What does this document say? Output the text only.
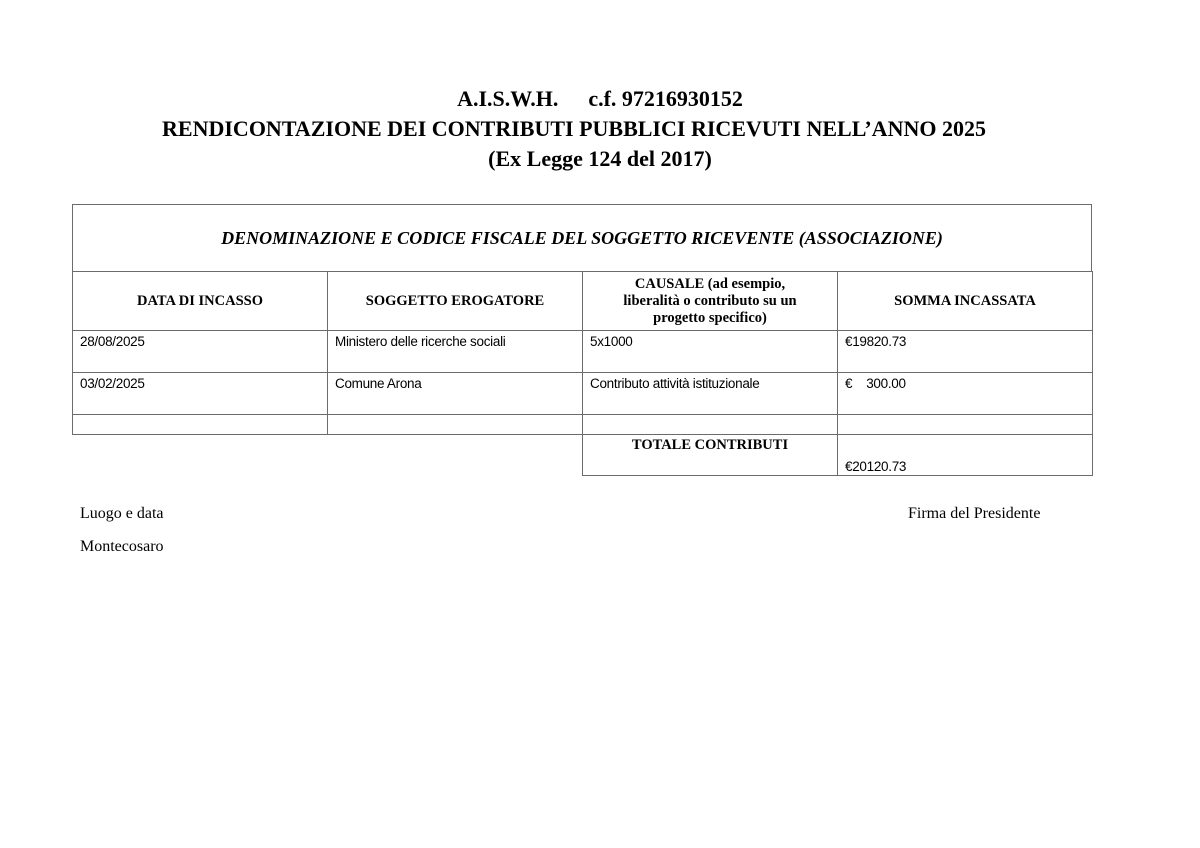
A.I.S.W.H. c.f. 97216930152
RENDICONTAZIONE DEI CONTRIBUTI PUBBLICI RICEVUTI NELL’ANNO 2025
(Ex Legge 124 del 2017)
DENOMINAZIONE E CODICE FISCALE DEL SOGGETTO RICEVENTE (ASSOCIAZIONE)
DATA DI INCASSO	SOGGETTO EROGATORE	CAUSALE (ad esempio, liberalità o contributo su un progetto specifico)	SOMMA INCASSATA

28/08/2025	Ministero delle ricerche sociali	5x1000	€19820.73
03/02/2025	Comune Arona	Contributo attività istituzionale	€ 300.00

		TOTALE CONTRIBUTI	€20120.73
Luogo e data
Montecosaro
Firma del Presidente
